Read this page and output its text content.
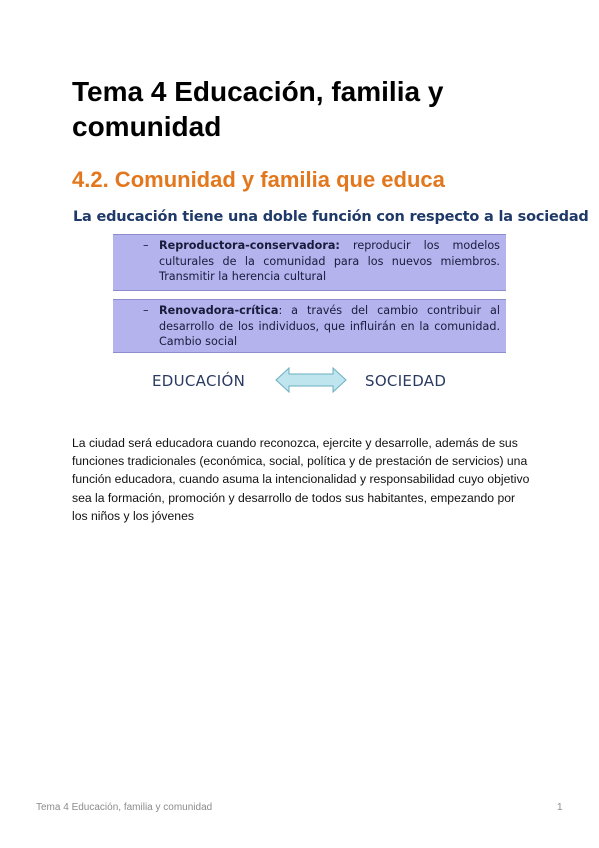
Tema 4 Educación, familia y comunidad
4.2. Comunidad y familia que educa
La educación tiene una doble función con respecto a la sociedad
– Reproductora-conservadora: reproducir los modelos
culturales de la comunidad para los nuevos miembros.
Transmitir la herencia cultural
– Renovadora-crítica: a través del cambio contribuir al
desarrollo de los individuos, que influirán en la comunidad.
Cambio social
EDUCACIÓN	SOCIEDAD

La ciudad será educadora cuando reconozca, ejercite y desarrolle, además de sus funciones tradicionales (económica, social, política y de prestación de servicios) una función educadora, cuando asuma la intencionalidad y responsabilidad cuyo objetivo sea la formación, promoción y desarrollo de todos sus habitantes, empezando por los niños y los jóvenes

Tema 4 Educación, familia y comunidad	1
